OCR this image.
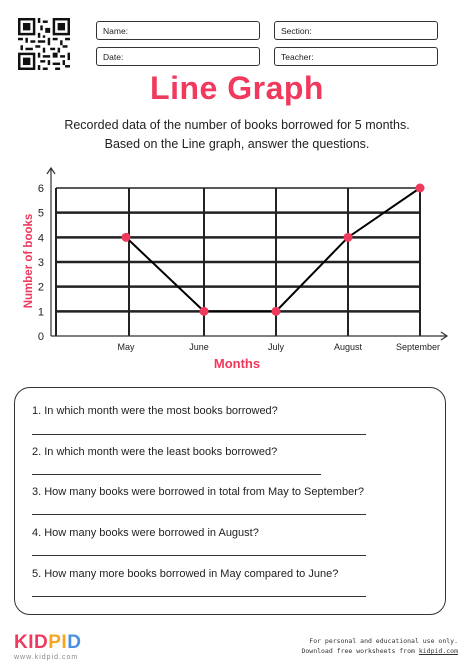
Name:	Section:
Date:	Teacher:
Line Graph
Recorded data of the number of books borrowed for 5 months.
Based on the Line graph, answer the questions.
0
1
2
3
4
5
6
May	June	July	August	September
Months
Number of books
1. In which month were the most books borrowed?
2. In which month were the least books borrowed?
3. How many books were borrowed in total from May to September?
4. How many books were borrowed in August?
5. How many more books borrowed in May compared to June?
KIDPID
www.kidpid.com
For personal and educational use only.
Download free worksheets from kidpid.com
